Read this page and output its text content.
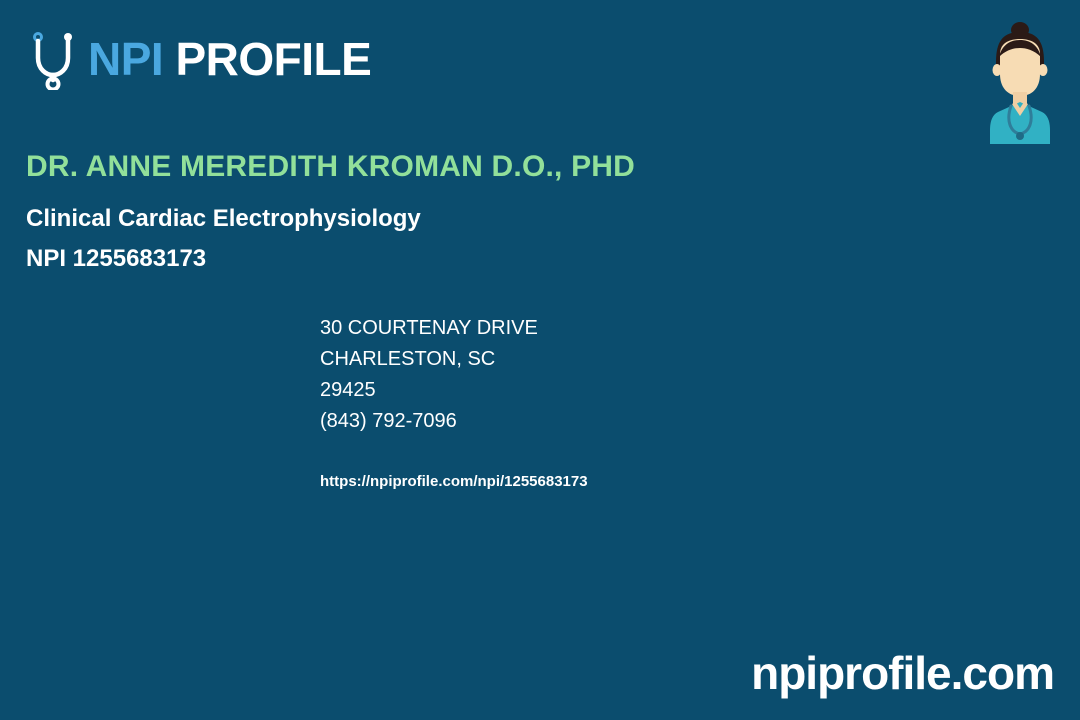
NPI PROFILE
DR. ANNE MEREDITH KROMAN D.O., PHD
Clinical Cardiac Electrophysiology
NPI 1255683173
30 COURTENAY DRIVE
CHARLESTON, SC
29425
(843) 792-7096
https://npiprofile.com/npi/1255683173
npiprofile.com
